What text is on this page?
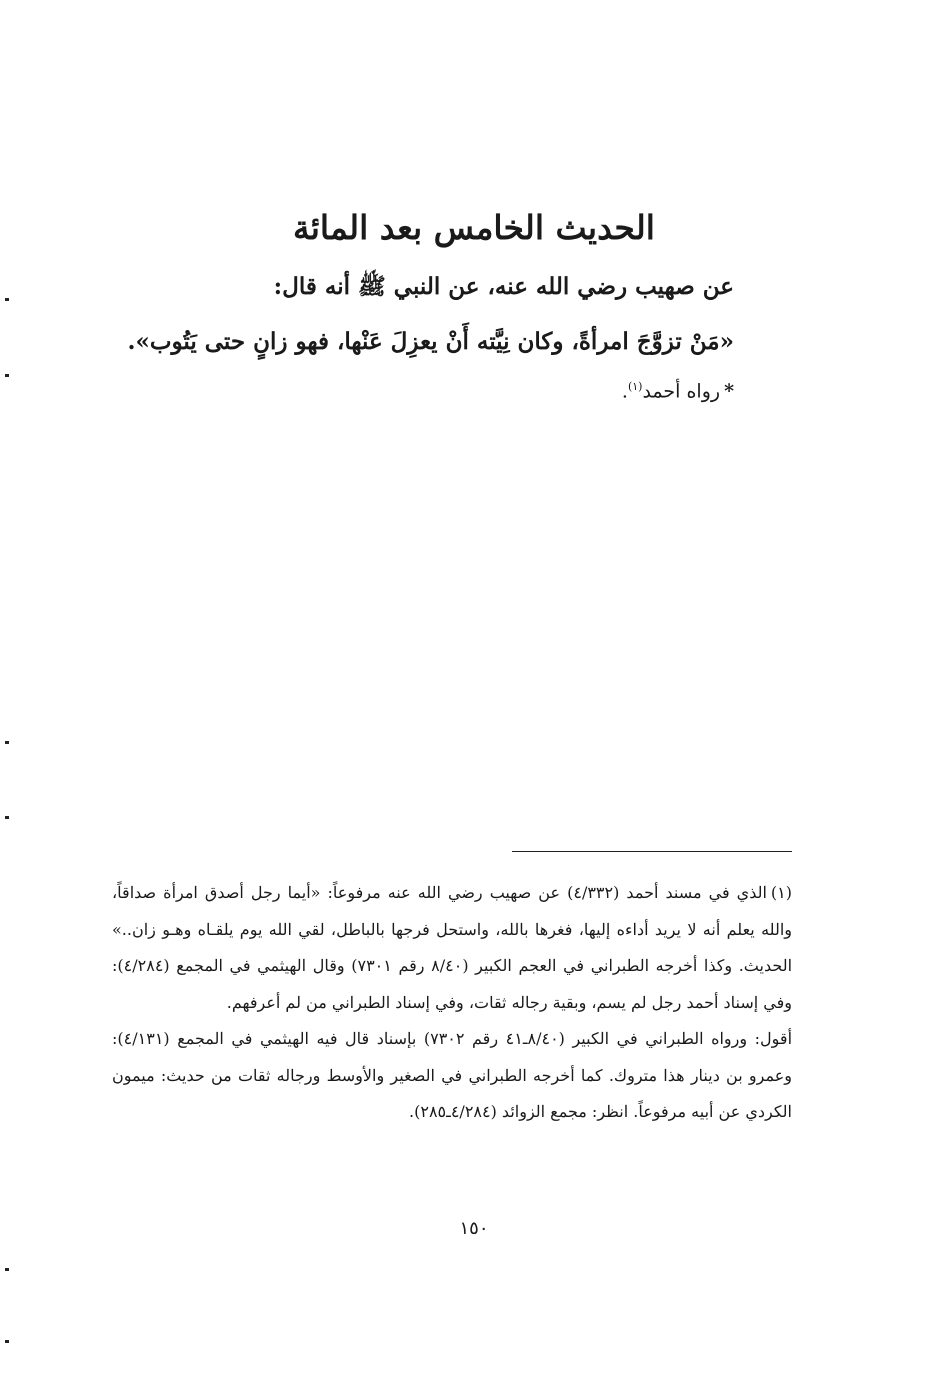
الحديث الخامس بعد المائة
عن صهيب رضي الله عنه، عن النبي ﷺ أنه قال:
«مَنْ تزوَّجَ امرأةً، وكان نِيَّته أَنْ يعزِلَ عَنْها، فهو زانٍ حتى يَتُوب».
*رواه أحمد$^{(١)}$.

(١)الذي في مسند أحمد (٤/٣٣٢) عن صهيب رضي الله عنه مرفوعاً: «أيما رجل أصدق امرأة صداقاً، والله يعلم أنه لا يريد أداءه إليها، فغرها بالله، واستحل فرجها بالباطل، لقي الله يوم يلقـاه وهـو زان..» الحديث. وكذا أخرجه الطبراني في العجم الكبير (٨/٤٠ رقم ٧٣٠١) وقال الهيثمي في المجمع (٤/٢٨٤): وفي إسناد أحمد رجل لم يسم، وبقية رجاله ثقات، وفي إسناد الطبراني من لم أعرفهم.

أقول: ورواه الطبراني في الكبير (٨/٤٠ـ٤١ رقم ٧٣٠٢) بإسناد قال فيه الهيثمي في المجمع (٤/١٣١): وعمرو بن دينار هذا متروك. كما أخرجه الطبراني في الصغير والأوسط ورجاله ثقات من حديث: ميمون الكردي عن أبيه مرفوعاً. انظر: مجمع الزوائد (٤/٢٨٤ـ٢٨٥).

١٥٠
